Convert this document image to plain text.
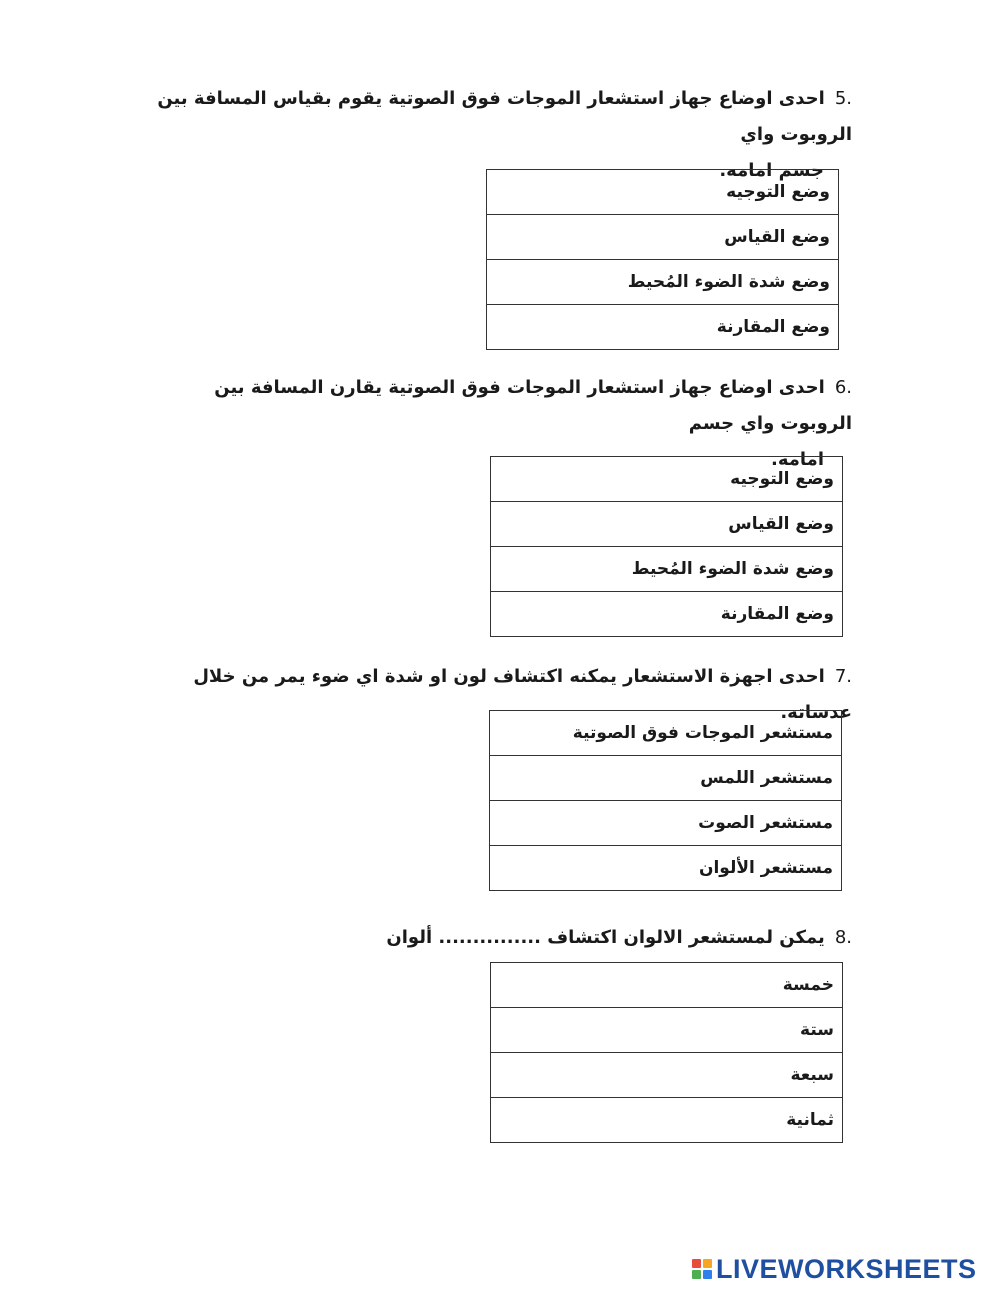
5.احدى اوضاع جهاز استشعار الموجات فوق الصوتية يقوم بقياس المسافة بين الروبوت واي
جسم امامه.
وضع التوجيه
وضع القياس
وضع شدة الضوء المُحيط
وضع المقارنة
6.احدى اوضاع جهاز استشعار الموجات فوق الصوتية يقارن المسافة بين الروبوت واي جسم
امامه.
وضع التوجيه
وضع القياس
وضع شدة الضوء المُحيط
وضع المقارنة
7.احدى اجهزة الاستشعار يمكنه اكتشاف لون او شدة اي ضوء يمر من خلال عدساته.
مستشعر الموجات فوق الصوتية
مستشعر اللمس
مستشعر الصوت
مستشعر الألوان
8.يمكن لمستشعر الالوان اكتشاف ............... ألوان
خمسة
ستة
سبعة
ثمانية
LIVEWORKSHEETS
